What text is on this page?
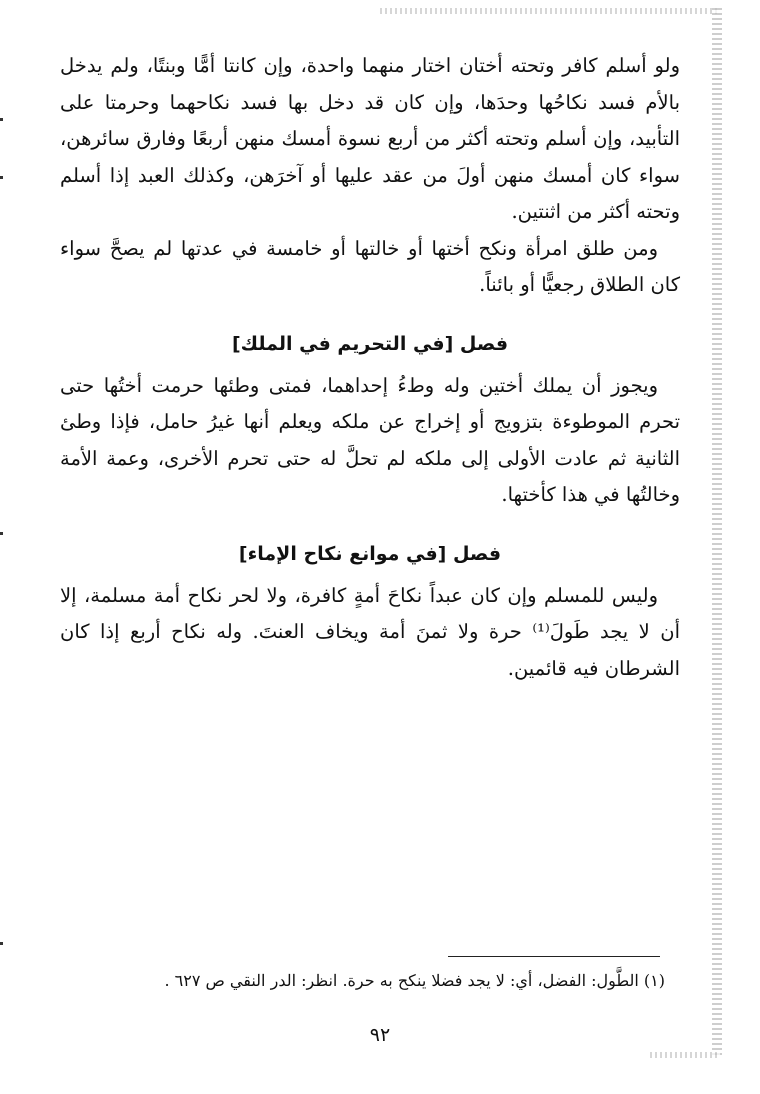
ولو أسلم كافر وتحته أختان اختار منهما واحدة، وإن كانتا أمًّا وبنتًا، ولم يدخل بالأم فسد نكاحُها وحدَها، وإن كان قد دخل بها فسد نكاحهما وحرمتا على التأبيد، وإن أسلم وتحته أكثر من أربع نسوة أمسك منهن أربعًا وفارق سائرهن، سواء كان أمسك منهن أولَ من عقد عليها أو آخرَهن، وكذلك العبد إذا أسلم وتحته أكثر من اثنتين.

ومن طلق امرأة ونكح أختها أو خالتها أو خامسة في عدتها لم يصحَّ سواء كان الطلاق رجعيًّا أو بائناً.

فصل [في التحريم في الملك]

ويجوز أن يملك أختين وله وطءُ إحداهما، فمتى وطئها حرمت أختُها حتى تحرم الموطوءة بتزويج أو إخراج عن ملكه ويعلم أنها غيرُ حامل، فإذا وطئ الثانية ثم عادت الأولى إلى ملكه لم تحلَّ له حتى تحرم الأخرى، وعمة الأمة وخالتُها في هذا كأختها.

فصل [في موانع نكاح الإماء]

وليس للمسلم وإن كان عبداً نكاحَ أمةٍ كافرة، ولا لحر نكاح أمة مسلمة، إلا أن لا يجد طَولَ⁽¹⁾ حرة ولا ثمنَ أمة ويخاف العنتَ. وله نكاح أربع إذا كان الشرطان فيه قائمين.

(١) الطَّول: الفضل، أي: لا يجد فضلا ينكح به حرة. انظر: الدر النقي ص ٦٢٧ .

٩٢
